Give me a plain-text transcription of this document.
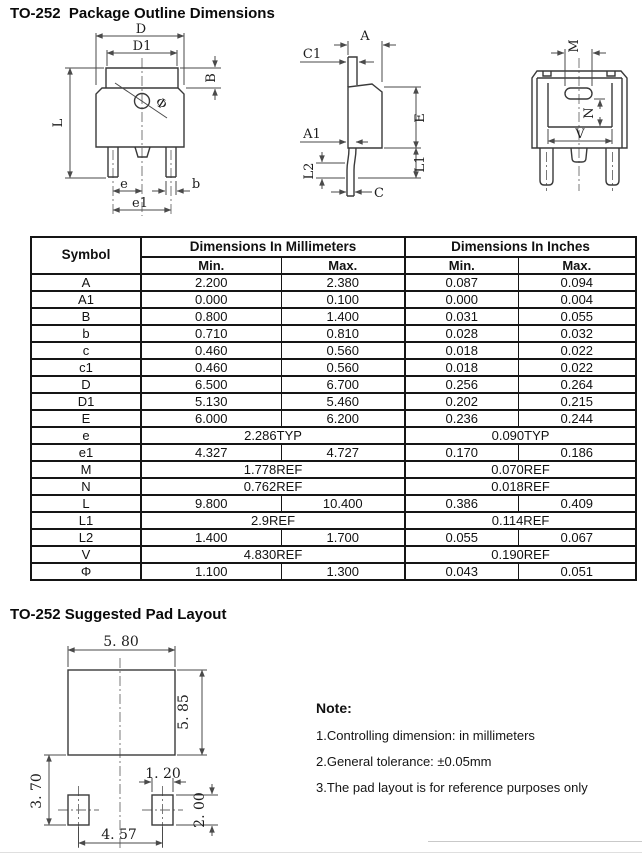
TO-252  Package Outline Dimensions
D
D1
B
L
Φ
e
e1
b
A
C1
A1
L2
C
E
L1
M
N
V
Symbol	Dimensions In Millimeters		Dimensions In Inches	
	Min.	Max.	Min.	Max.
A	2.200	2.380	0.087	0.094
A1	0.000	0.100	0.000	0.004
B	0.800	1.400	0.031	0.055
b	0.710	0.810	0.028	0.032
c	0.460	0.560	0.018	0.022
c1	0.460	0.560	0.018	0.022
D	6.500	6.700	0.256	0.264
D1	5.130	5.460	0.202	0.215
E	6.000	6.200	0.236	0.244
e	2.286TYP		0.090TYP	
e1	4.327	4.727	0.170	0.186
M	1.778REF		0.070REF	
N	0.762REF		0.018REF	
L	9.800	10.400	0.386	0.409
L1	2.9REF		0.114REF	
L2	1.400	1.700	0.055	0.067
V	4.830REF		0.190REF	
Φ	1.100	1.300	0.043	0.051
TO-252 Suggested Pad Layout
5. 80
5. 85
3. 70	1. 20
2. 00
4. 57
Note:
1.Controlling dimension: in millimeters
2.General tolerance: ±0.05mm
3.The pad layout is for reference purposes only
